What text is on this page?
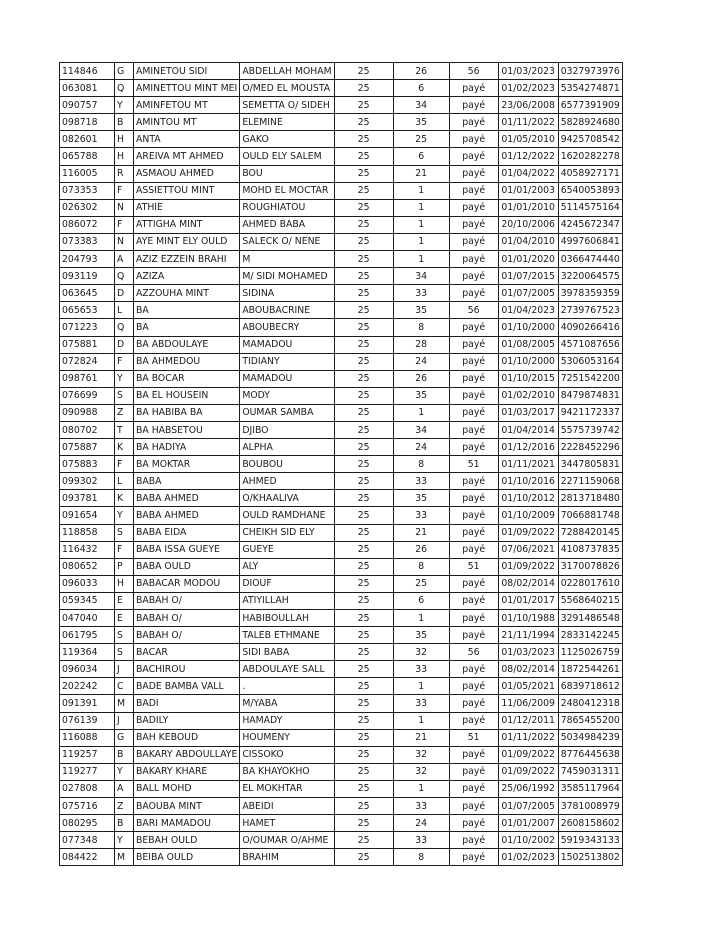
114846	G	AMINETOU SIDI	ABDELLAH MOHAM	25	26	56	01/03/2023	0327973976
063081	Q	AMINETTOU MINT MEI	O/MED EL MOUSTA	25	6	payé	01/02/2023	5354274871
090757	Y	AMINFETOU MT	SEMETTA O/ SIDEH	25	34	payé	23/06/2008	6577391909
098718	B	AMINTOU MT	ELEMINE	25	35	payé	01/11/2022	5828924680
082601	H	ANTA	GAKO	25	25	payé	01/05/2010	9425708542
065788	H	AREIVA MT AHMED	OULD ELY SALEM	25	6	payé	01/12/2022	1620282278
116005	R	ASMAOU AHMED	BOU	25	21	payé	01/04/2022	4058927171
073353	F	ASSIETTOU MINT	MOHD EL MOCTAR	25	1	payé	01/01/2003	6540053893
026302	N	ATHIE	ROUGHIATOU	25	1	payé	01/01/2010	5114575164
086072	F	ATTIGHA MINT	AHMED BABA	25	1	payé	20/10/2006	4245672347
073383	N	AYE MINT ELY OULD	SALECK O/ NENE	25	1	payé	01/04/2010	4997606841
204793	A	AZIZ EZZEIN BRAHI	M	25	1	payé	01/01/2020	0366474440
093119	Q	AZIZA	M/ SIDI MOHAMED	25	34	payé	01/07/2015	3220064575
063645	D	AZZOUHA MINT	SIDINA	25	33	payé	01/07/2005	3978359359
065653	L	BA	ABOUBACRINE	25	35	56	01/04/2023	2739767523
071223	Q	BA	ABOUBECRY	25	8	payé	01/10/2000	4090266416
075881	D	BA ABDOULAYE	MAMADOU	25	28	payé	01/08/2005	4571087656
072824	F	BA AHMEDOU	TIDIANY	25	24	payé	01/10/2000	5306053164
098761	Y	BA BOCAR	MAMADOU	25	26	payé	01/10/2015	7251542200
076699	S	BA EL HOUSEIN	MODY	25	35	payé	01/02/2010	8479874831
090988	Z	BA HABIBA BA	OUMAR SAMBA	25	1	payé	01/03/2017	9421172337
080702	T	BA HABSETOU	DJIBO	25	34	payé	01/04/2014	5575739742
075887	K	BA HADIYA	ALPHA	25	24	payé	01/12/2016	2228452296
075883	F	BA MOKTAR	BOUBOU	25	8	51	01/11/2021	3447805831
099302	L	BABA	AHMED	25	33	payé	01/10/2016	2271159068
093781	K	BABA AHMED	O/KHAALIVA	25	35	payé	01/10/2012	2813718480
091654	Y	BABA AHMED	OULD RAMDHANE	25	33	payé	01/10/2009	7066881748
118858	S	BABA EIDA	CHEIKH SID ELY	25	21	payé	01/09/2022	7288420145
116432	F	BABA ISSA GUEYE	GUEYE	25	26	payé	07/06/2021	4108737835
080652	P	BABA OULD	ALY	25	8	51	01/09/2022	3170078826
096033	H	BABACAR MODOU	DIOUF	25	25	payé	08/02/2014	0228017610
059345	E	BABAH O/	ATIYILLAH	25	6	payé	01/01/2017	5568640215
047040	E	BABAH O/	HABIBOULLAH	25	1	payé	01/10/1988	3291486548
061795	S	BABAH O/	TALEB ETHMANE	25	35	payé	21/11/1994	2833142245
119364	S	BACAR	SIDI BABA	25	32	56	01/03/2023	1125026759
096034	J	BACHIROU	ABDOULAYE SALL	25	33	payé	08/02/2014	1872544261
202242	C	BADE BAMBA VALL	.	25	1	payé	01/05/2021	6839718612
091391	M	BADI	M/YABA	25	33	payé	11/06/2009	2480412318
076139	J	BADILY	HAMADY	25	1	payé	01/12/2011	7865455200
116088	G	BAH KEBOUD	HOUMENY	25	21	51	01/11/2022	5034984239
119257	B	BAKARY ABDOULLAYE	CISSOKO	25	32	payé	01/09/2022	8776445638
119277	Y	BAKARY KHARE	BA KHAYOKHO	25	32	payé	01/09/2022	7459031311
027808	A	BALL MOHD	EL MOKHTAR	25	1	payé	25/06/1992	3585117964
075716	Z	BAOUBA MINT	ABEIDI	25	33	payé	01/07/2005	3781008979
080295	B	BARI MAMADOU	HAMET	25	24	payé	01/01/2007	2608158602
077348	Y	BEBAH OULD	O/OUMAR O/AHME	25	33	payé	01/10/2002	5919343133
084422	M	BEIBA OULD	BRAHIM	25	8	payé	01/02/2023	1502513802
